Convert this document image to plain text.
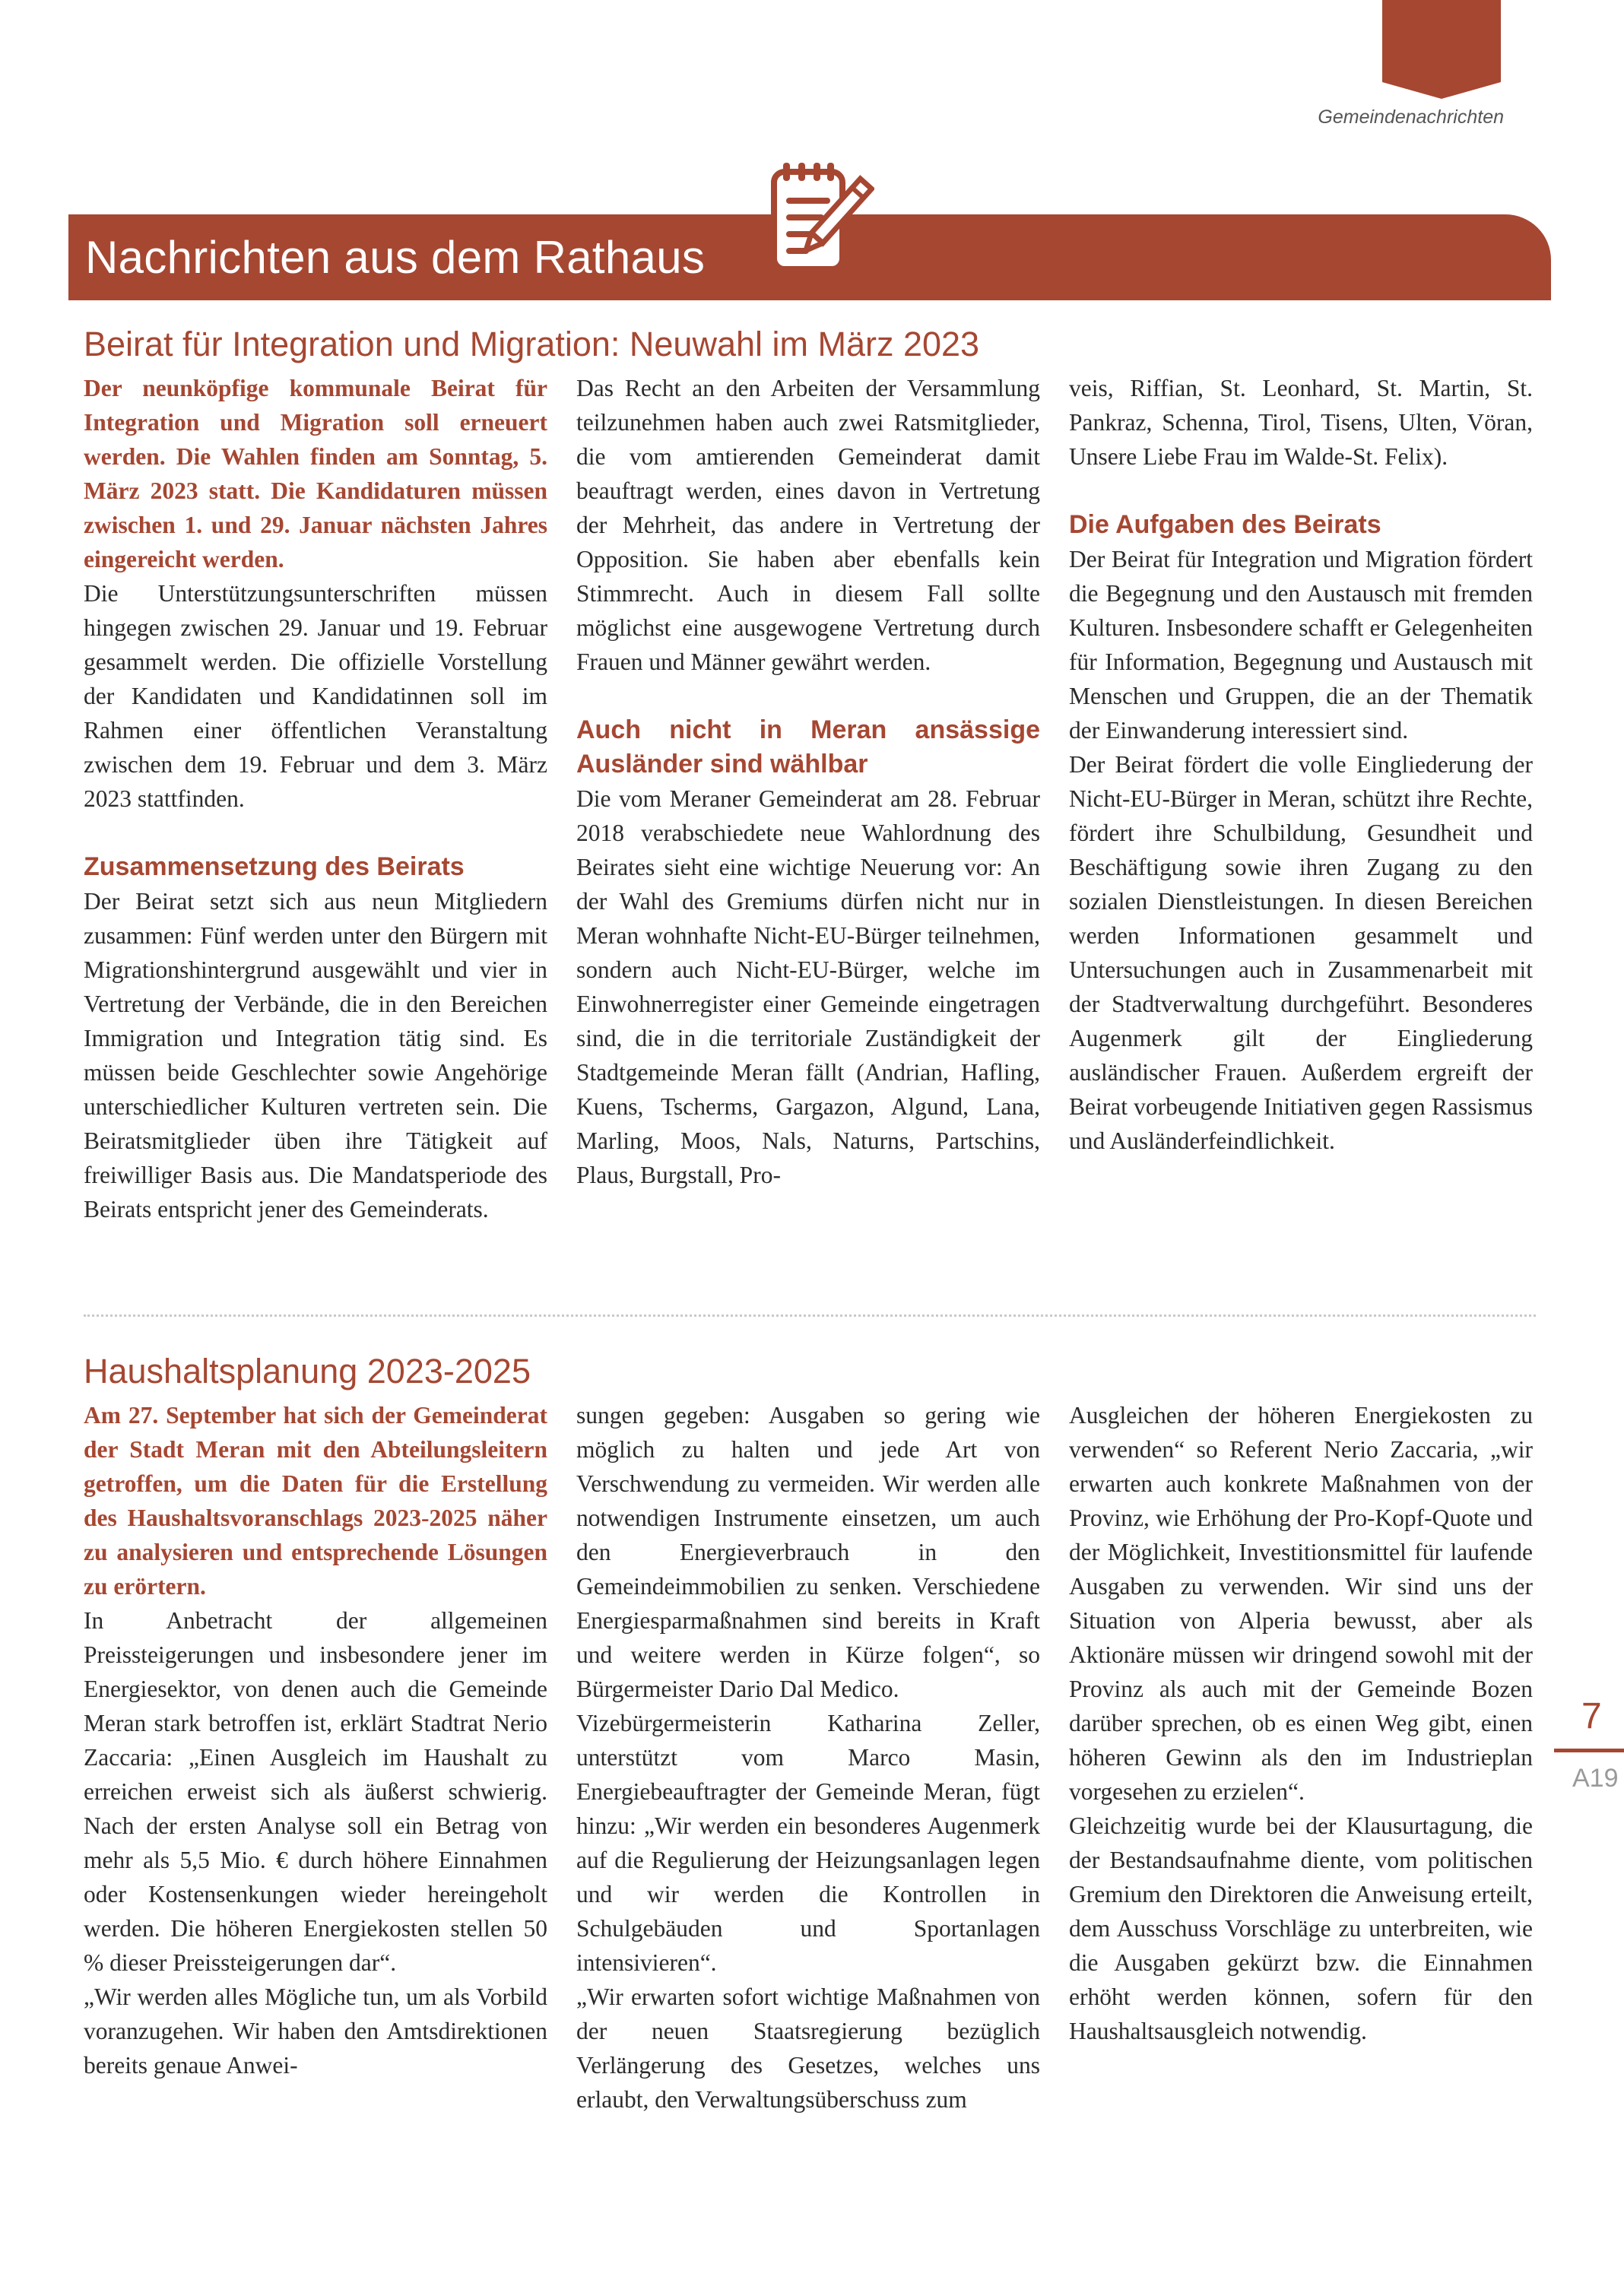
Gemeindenachrichten
Nachrichten aus dem Rathaus
Beirat für Integration und Migration: Neuwahl im März 2023

Der neunköpfige kommunale Beirat für Integration und Migration soll erneuert werden. Die Wahlen finden am Sonntag, 5. März 2023 statt. Die Kandidaturen müssen zwischen 1. und 29. Januar nächsten Jahres eingereicht werden.

Die Unterstützungsunterschriften müssen hingegen zwischen 29. Januar und 19. Februar gesammelt werden. Die offizielle Vorstellung der Kandidaten und Kandidatinnen soll im Rahmen einer öffentlichen Veranstaltung zwischen dem 19. Februar und dem 3. März 2023 stattfinden.

Zusammensetzung des Beirats

Der Beirat setzt sich aus neun Mitgliedern zusammen: Fünf werden unter den Bürgern mit Migrationshintergrund ausgewählt und vier in Vertretung der Verbände, die in den Bereichen Immigration und Integration tätig sind. Es müssen beide Geschlechter sowie Angehörige unterschiedlicher Kulturen vertreten sein. Die Beiratsmitglieder üben ihre Tätigkeit auf freiwilliger Basis aus. Die Mandatsperiode des Beirats entspricht jener des Gemeinderats.

Das Recht an den Arbeiten der Versammlung teilzunehmen haben auch zwei Ratsmitglieder, die vom amtierenden Gemeinderat damit beauftragt werden, eines davon in Vertretung der Mehrheit, das andere in Vertretung der Opposition. Sie haben aber ebenfalls kein Stimmrecht. Auch in diesem Fall sollte möglichst eine ausgewogene Vertretung durch Frauen und Männer gewährt werden.

Auch nicht in Meran ansässige Ausländer sind wählbar

Die vom Meraner Gemeinderat am 28. Februar 2018 verabschiedete neue Wahlordnung des Beirates sieht eine wichtige Neuerung vor: An der Wahl des Gremiums dürfen nicht nur in Meran wohnhafte Nicht-EU-Bürger teilnehmen, sondern auch Nicht-EU-Bürger, welche im Einwohnerregister einer Gemeinde eingetragen sind, die in die territoriale Zuständigkeit der Stadtgemeinde Meran fällt (Andrian, Hafling, Kuens, Tscherms, Gargazon, Algund, Lana, Marling, Moos, Nals, Naturns, Partschins, Plaus, Burgstall, Pro-

veis, Riffian, St. Leonhard, St. Martin, St. Pankraz, Schenna, Tirol, Tisens, Ulten, Vöran, Unsere Liebe Frau im Walde-St. Felix).

Die Aufgaben des Beirats

Der Beirat für Integration und Migration fördert die Begegnung und den Austausch mit fremden Kulturen. Insbesondere schafft er Gelegenheiten für Information, Begegnung und Austausch mit Menschen und Gruppen, die an der Thematik der Einwanderung interessiert sind.

Der Beirat fördert die volle Eingliederung der Nicht-EU-Bürger in Meran, schützt ihre Rechte, fördert ihre Schulbildung, Gesundheit und Beschäftigung sowie ihren Zugang zu den sozialen Dienstleistungen. In diesen Bereichen werden Informationen gesammelt und Untersuchungen auch in Zusammenarbeit mit der Stadtverwaltung durchgeführt. Besonderes Augenmerk gilt der Eingliederung ausländischer Frauen. Außerdem ergreift der Beirat vorbeugende Initiativen gegen Rassismus und Ausländerfeindlichkeit.

Haushaltsplanung 2023-2025

Am 27. September hat sich der Gemeinderat der Stadt Meran mit den Abteilungsleitern getroffen, um die Daten für die Erstellung des Haushaltsvoranschlags 2023-2025 näher zu analysieren und entsprechende Lösungen zu erörtern.

In Anbetracht der allgemeinen Preissteigerungen und insbesondere jener im Energiesektor, von denen auch die Gemeinde Meran stark betroffen ist, erklärt Stadtrat Nerio Zaccaria: „Einen Ausgleich im Haushalt zu erreichen erweist sich als äußerst schwierig. Nach der ersten Analyse soll ein Betrag von mehr als 5,5 Mio. € durch höhere Einnahmen oder Kostensenkungen wieder hereingeholt werden. Die höheren Energiekosten stellen 50 % dieser Preissteigerungen dar“.

„Wir werden alles Mögliche tun, um als Vorbild voranzugehen. Wir haben den Amtsdirektionen bereits genaue Anwei-

sungen gegeben: Ausgaben so gering wie möglich zu halten und jede Art von Verschwendung zu vermeiden. Wir werden alle notwendigen Instrumente einsetzen, um auch den Energieverbrauch in den Gemeindeimmobilien zu senken. Verschiedene Energiesparmaßnahmen sind bereits in Kraft und weitere werden in Kürze folgen“, so Bürgermeister Dario Dal Medico.

Vizebürgermeisterin Katharina Zeller, unterstützt vom Marco Masin, Energiebeauftragter der Gemeinde Meran, fügt hinzu: „Wir werden ein besonderes Augenmerk auf die Regulierung der Heizungsanlagen legen und wir werden die Kontrollen in Schulgebäuden und Sportanlagen intensivieren“.

„Wir erwarten sofort wichtige Maßnahmen von der neuen Staatsregierung bezüglich Verlängerung des Gesetzes, welches uns erlaubt, den Verwaltungsüberschuss zum

Ausgleichen der höheren Energiekosten zu verwenden“ so Referent Nerio Zaccaria, „wir erwarten auch konkrete Maßnahmen von der Provinz, wie Erhöhung der Pro-Kopf-Quote und der Möglichkeit, Investitionsmittel für laufende Ausgaben zu verwenden. Wir sind uns der Situation von Alperia bewusst, aber als Aktionäre müssen wir dringend sowohl mit der Provinz als auch mit der Gemeinde Bozen darüber sprechen, ob es einen Weg gibt, einen höheren Gewinn als den im Industrieplan vorgesehen zu erzielen“.

Gleichzeitig wurde bei der Klausurtagung, die der Bestandsaufnahme diente, vom politischen Gremium den Direktoren die Anweisung erteilt, dem Ausschuss Vorschläge zu unterbreiten, wie die Ausgaben gekürzt bzw. die Einnahmen erhöht werden können, sofern für den Haushaltsausgleich notwendig.

7
A19
